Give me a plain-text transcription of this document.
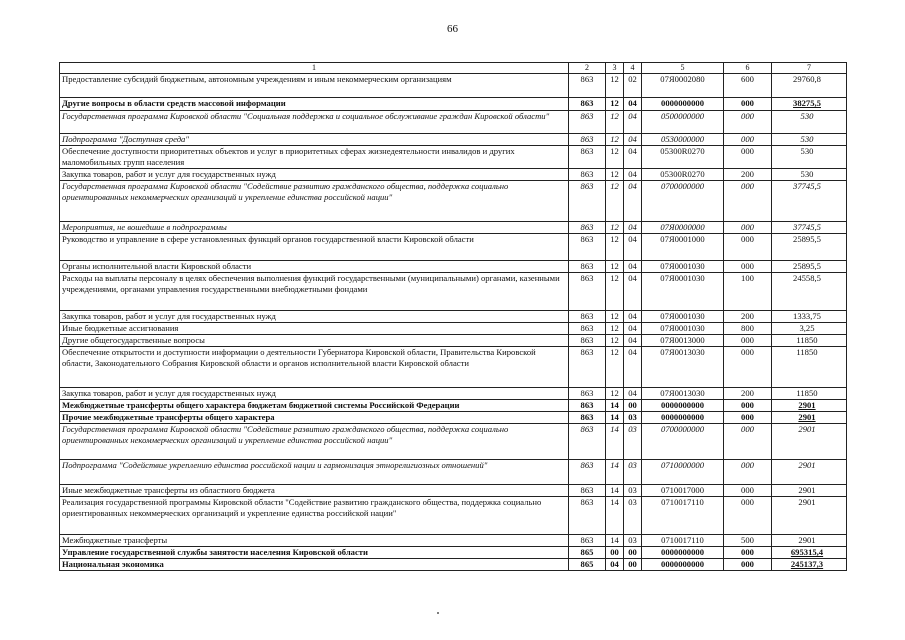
66
1	2	3	4	5	6	7
Предоставление субсидий бюджетным, автономным учреждениям и иным некоммерческим организациям	863	12	02	07Я0002080	600	29760,8
Другие вопросы в области средств массовой информации	863	12	04	0000000000	000	38275,5
Государственная программа Кировской области "Социальная поддержка и социальное обслуживание граждан Кировской области"	863	12	04	0500000000	000	530
Подпрограмма "Доступная среда"	863	12	04	0530000000	000	530
Обеспечение доступности приоритетных объектов и услуг в приоритетных сферах жизнедеятельности инвалидов и других маломобильных групп населения	863	12	04	05300R0270	000	530
Закупка товаров, работ и услуг для государственных нужд	863	12	04	05300R0270	200	530
Государственная программа Кировской области "Содействие развитию гражданского общества, поддержка социально ориентированных некоммерческих организаций и укрепление единства российской нации"	863	12	04	0700000000	000	37745,5
Мероприятия, не вошедшие в подпрограммы	863	12	04	07Я0000000	000	37745,5
Руководство и управление в сфере установленных функций органов государственной власти Кировской области	863	12	04	07Я0001000	000	25895,5
Органы исполнительной власти Кировской области	863	12	04	07Я0001030	000	25895,5
Расходы на выплаты персоналу в целях обеспечения выполнения функций государственными (муниципальными) органами, казенными учреждениями, органами управления государственными внебюджетными фондами	863	12	04	07Я0001030	100	24558,5
Закупка товаров, работ и услуг для государственных нужд	863	12	04	07Я0001030	200	1333,75
Иные бюджетные ассигнования	863	12	04	07Я0001030	800	3,25
Другие общегосударственные вопросы	863	12	04	07Я0013000	000	11850
Обеспечение открытости и доступности информации о деятельности Губернатора Кировской области, Правительства Кировской области, Законодательного Собрания Кировской области и органов исполнительной власти Кировской области	863	12	04	07Я0013030	000	11850
Закупка товаров, работ и услуг для государственных нужд	863	12	04	07Я0013030	200	11850
Межбюджетные трансферты общего характера бюджетам бюджетной системы Российской Федерации	863	14	00	0000000000	000	2901
Прочие межбюджетные трансферты общего характера	863	14	03	0000000000	000	2901
Государственная программа Кировской области "Содействие развитию гражданского общества, поддержка социально ориентированных некоммерческих организаций и укрепление единства российской нации"	863	14	03	0700000000	000	2901
Подпрограмма "Содействие укреплению единства российской нации и гармонизация этнорелигиозных отношений"	863	14	03	0710000000	000	2901
Иные межбюджетные трансферты из областного бюджета	863	14	03	0710017000	000	2901
Реализация государственной программы Кировской области "Содействие развитию гражданского общества, поддержка социально ориентированных некоммерческих организаций и укрепление единства российской нации"	863	14	03	0710017110	000	2901
Межбюджетные трансферты	863	14	03	0710017110	500	2901
Управление государственной службы занятости населения Кировской области	865	00	00	0000000000	000	695315,4
Национальная экономика	865	04	00	0000000000	000	245137,3
